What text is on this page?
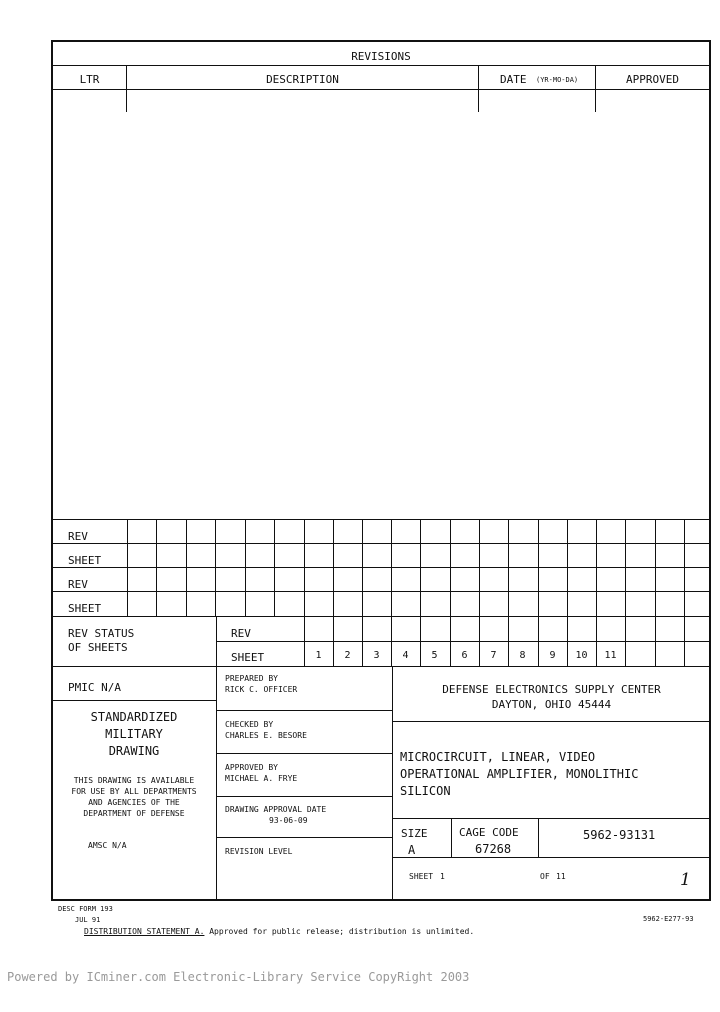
REVISIONS
LTR	DESCRIPTION	DATE (YR-MO-DA)	APPROVED
REV
SHEET
REV
SHEET
REV STATUS
OF SHEETS
REV
SHEET	1	2	3	4	5	6	7	8	9	10	11
PMIC N/A
STANDARDIZED
MILITARY
DRAWING
THIS DRAWING IS AVAILABLE
FOR USE BY ALL DEPARTMENTS
AND AGENCIES OF THE
DEPARTMENT OF DEFENSE
AMSC N/A
PREPARED BY
RICK C. OFFICER
CHECKED BY
CHARLES E. BESORE
APPROVED BY
MICHAEL A. FRYE
DRAWING APPROVAL DATE
93-06-09
REVISION LEVEL
DEFENSE ELECTRONICS SUPPLY CENTER
DAYTON, OHIO 45444
MICROCIRCUIT, LINEAR, VIDEO
OPERATIONAL AMPLIFIER, MONOLITHIC
SILICON
SIZE
A
CAGE CODE
67268
5962-93131
SHEET 1	OF 11	1
DESC FORM 193
JUL 91
DISTRIBUTION STATEMENT A. Approved for public release; distribution is unlimited.
5962-E277-93
Powered by ICminer.com Electronic-Library Service CopyRight 2003
